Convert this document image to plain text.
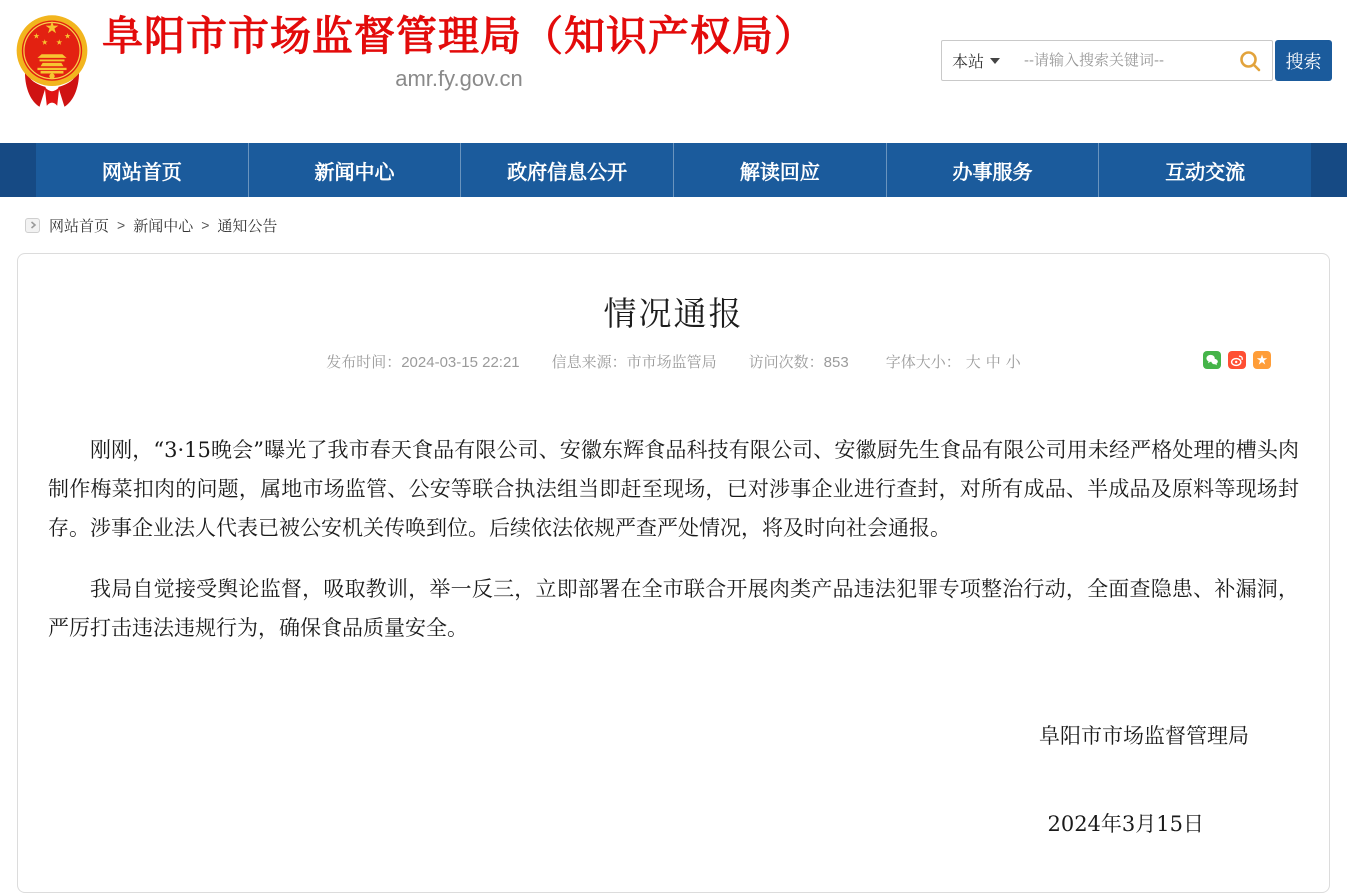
阜阳市市场监督管理局（知识产权局）
amr.fy.gov.cn
本站
--请输入搜索关键词--	搜索
网站首页	新闻中心	政府信息公开	解读回应	办事服务	互动交流
网站首页 > 新闻中心 > 通知公告
情况通报
发布时间：2024-03-15 22:21 信息来源：市市场监管局 访问次数：853	字体大小： 大 中 小

刚刚，“3·15晚会”曝光了我市春天食品有限公司、安徽东辉食品科技有限公司、安徽厨先生食品有限公司用未经严格处理的槽头肉制作梅菜扣肉的问题，属地市场监管、公安等联合执法组当即赶至现场，已对涉事企业进行查封，对所有成品、半成品及原料等现场封存。涉事企业法人代表已被公安机关传唤到位。后续依法依规严查严处情况，将及时向社会通报。

我局自觉接受舆论监督，吸取教训，举一反三，立即部署在全市联合开展肉类产品违法犯罪专项整治行动，全面查隐患、补漏洞，严厉打击违法违规行为，确保食品质量安全。

阜阳市市场监督管理局
2024年3月15日
